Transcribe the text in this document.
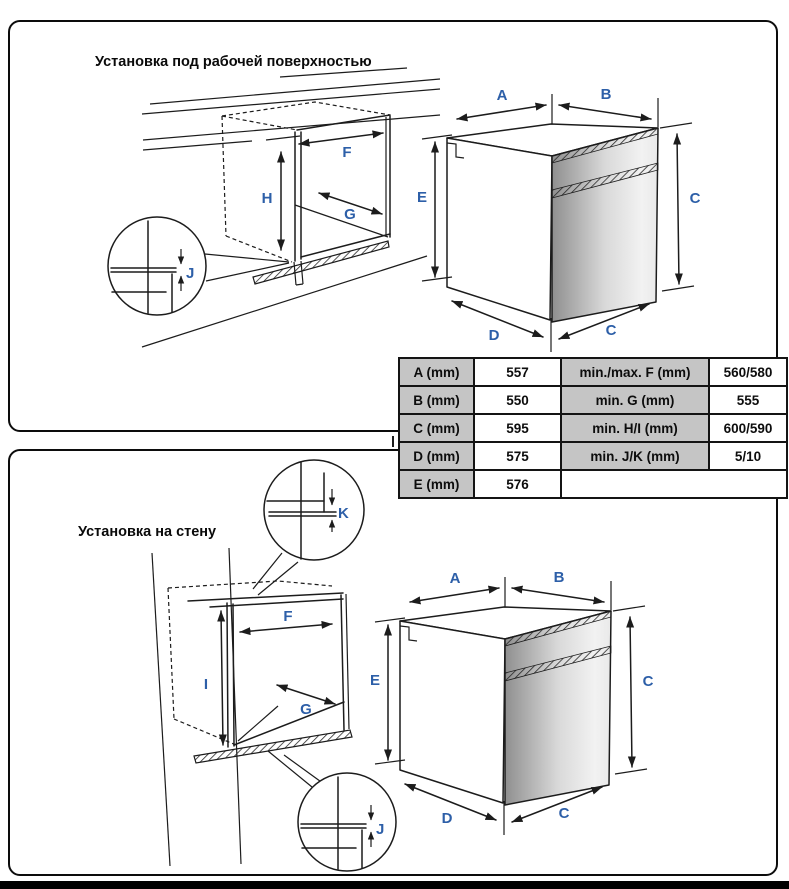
H
F
G
J
E
A	B
C
D	C
I
F
G
K
J
E
A	B
C
D	C
A (mm)	557	min./max. F (mm)	560/580
B (mm)	550	min. G (mm)	555
C (mm)	595	min. H/I (mm)	600/590
D (mm)	575	min. J/K (mm)	5/10
E (mm)	576		
Установка под рабочей поверхностью
Установка на стену
